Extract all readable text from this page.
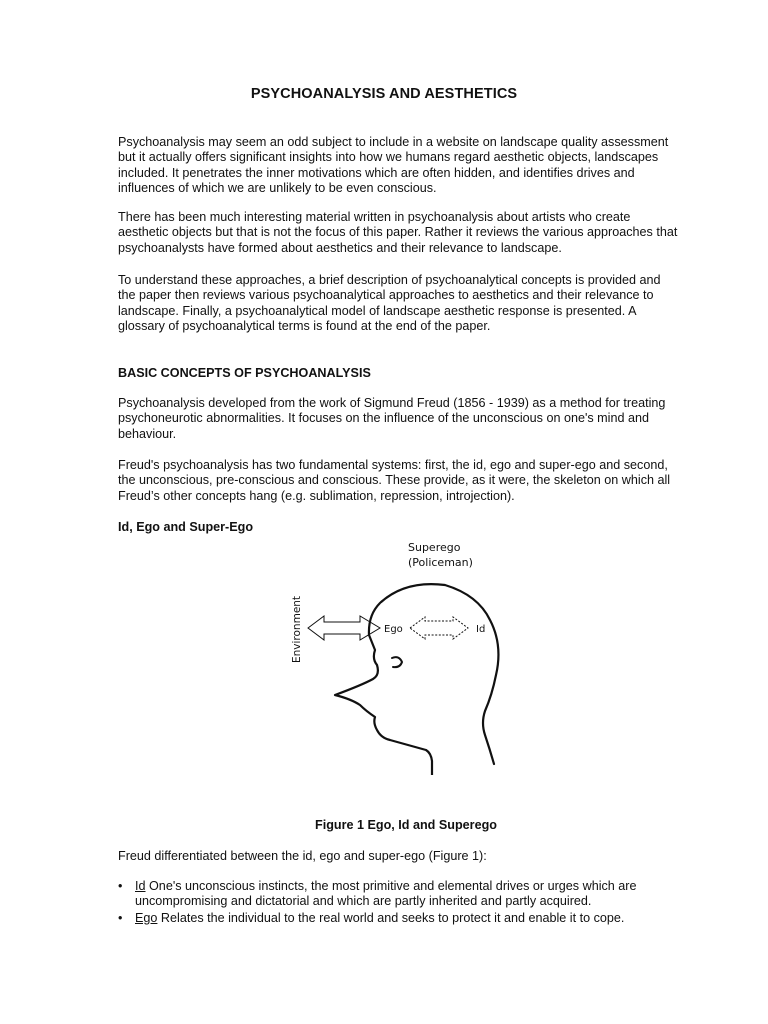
PSYCHOANALYSIS AND AESTHETICS

Psychoanalysis may seem an odd subject to include in a website on landscape quality assessment but it actually offers significant insights into how we humans regard aesthetic objects, landscapes included. It penetrates the inner motivations which are often hidden, and identifies drives and influences of which we are unlikely to be even conscious.

There has been much interesting material written in psychoanalysis about artists who create aesthetic objects but that is not the focus of this paper. Rather it reviews the various approaches that psychoanalysts have formed about aesthetics and their relevance to landscape.

To understand these approaches, a brief description of psychoanalytical concepts is provided and the paper then reviews various psychoanalytical approaches to aesthetics and their relevance to landscape. Finally, a psychoanalytical model of landscape aesthetic response is presented. A glossary of psychoanalytical terms is found at the end of the paper.

BASIC CONCEPTS OF PSYCHOANALYSIS

Psychoanalysis developed from the work of Sigmund Freud (1856 - 1939) as a method for treating psychoneurotic abnormalities. It focuses on the influence of the unconscious on one's mind and behaviour.

Freud's psychoanalysis has two fundamental systems: first, the id, ego and super-ego and second, the unconscious, pre-conscious and conscious. These provide, as it were, the skeleton on which all Freud’s other concepts hang (e.g. sublimation, repression, introjection).

Id, Ego and Super-Ego
Superego
(Policeman)
Environment	Ego	Id
Figure 1 Ego, Id and Superego

Freud differentiated between the id, ego and super-ego (Figure 1):

• Id One's unconscious instincts, the most primitive and elemental drives or urges which are uncompromising and dictatorial and which are partly inherited and partly acquired.
• Ego Relates the individual to the real world and seeks to protect it and enable it to cope.
